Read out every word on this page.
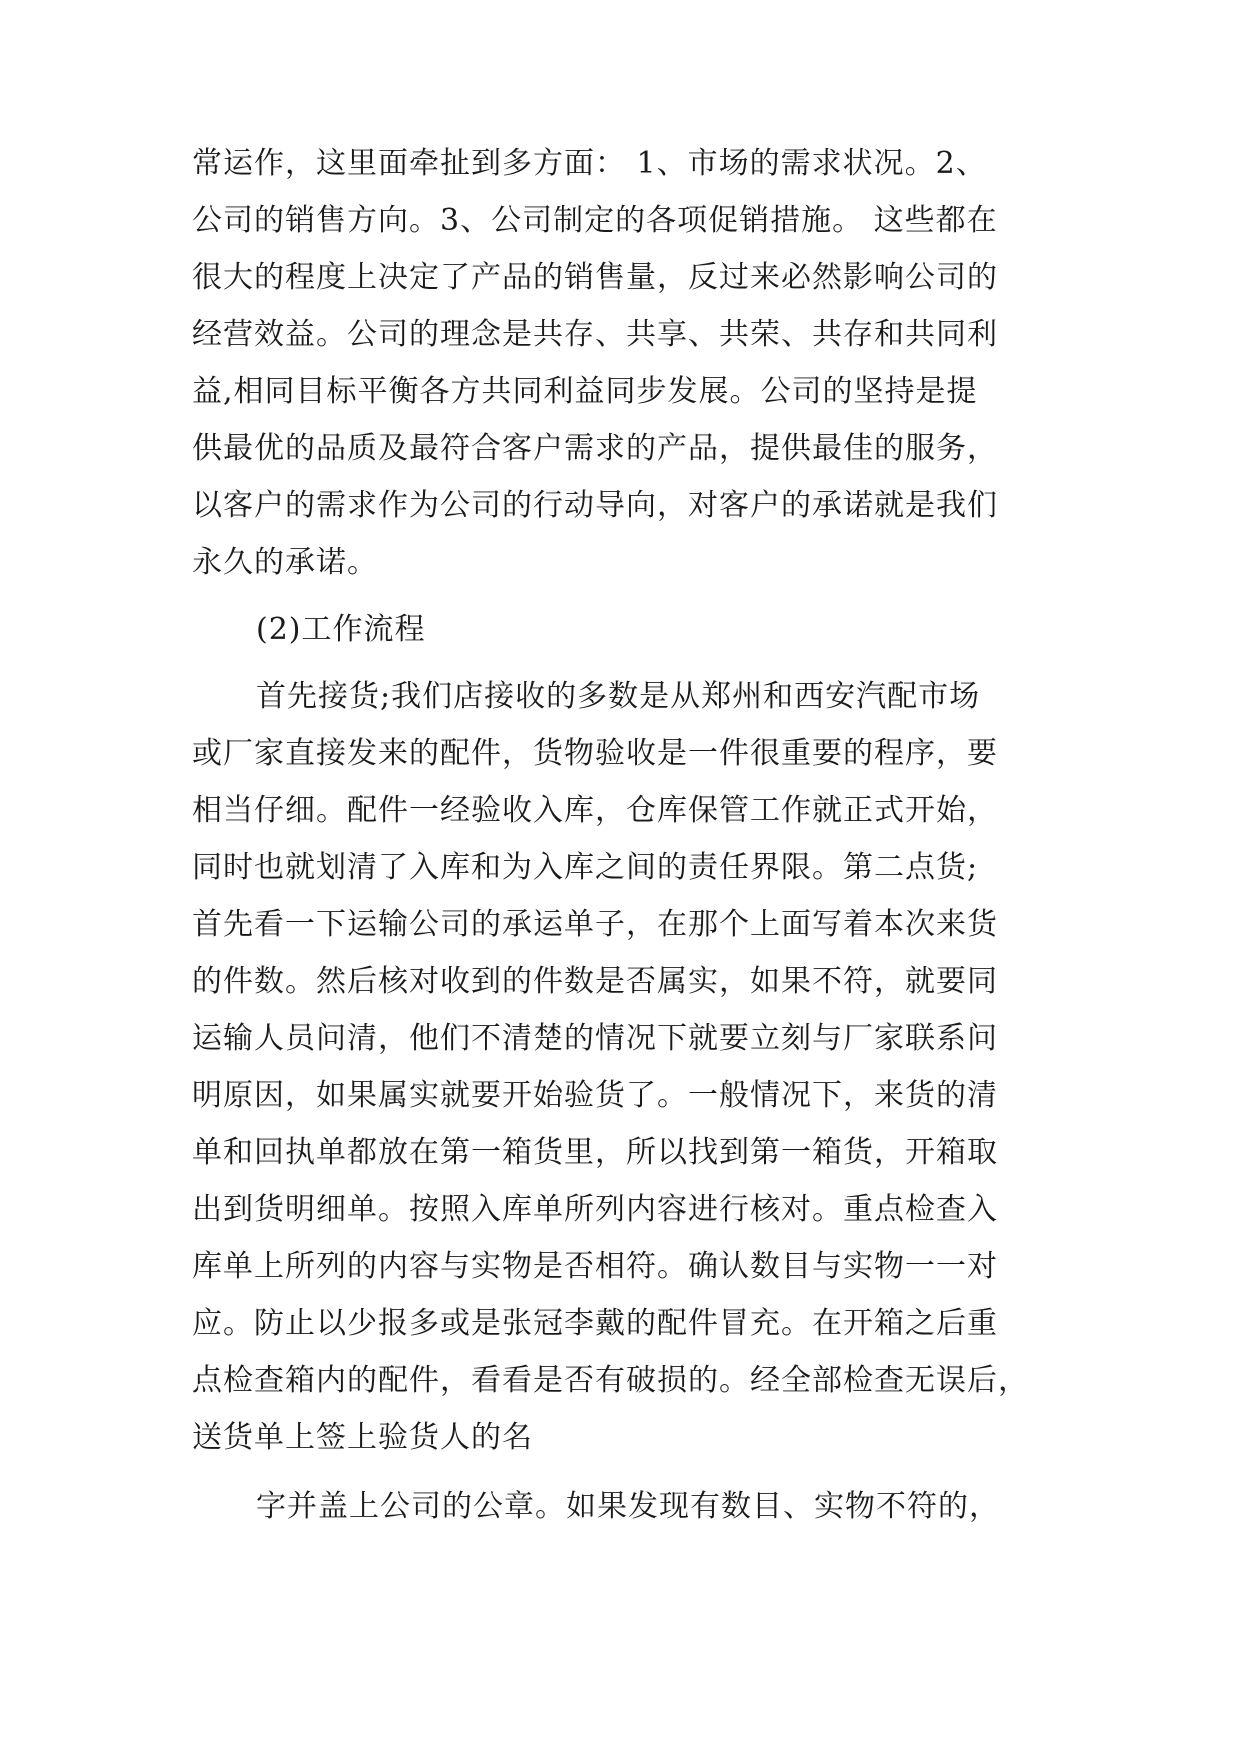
常运作，这里面牵扯到多方面： 1、市场的需求状况。2、
公司的销售方向。3、公司制定的各项促销措施。 这些都在
很大的程度上决定了产品的销售量，反过来必然影响公司的
经营效益。公司的理念是共存、共享、共荣、共存和共同利
益,相同目标平衡各方共同利益同步发展。公司的坚持是提
供最优的品质及最符合客户需求的产品，提供最佳的服务，
以客户的需求作为公司的行动导向，对客户的承诺就是我们
永久的承诺。
(2)工作流程
首先接货;我们店接收的多数是从郑州和西安汽配市场
或厂家直接发来的配件，货物验收是一件很重要的程序，要
相当仔细。配件一经验收入库，仓库保管工作就正式开始，
同时也就划清了入库和为入库之间的责任界限。第二点货;
首先看一下运输公司的承运单子，在那个上面写着本次来货
的件数。然后核对收到的件数是否属实，如果不符，就要同
运输人员问清，他们不清楚的情况下就要立刻与厂家联系问
明原因，如果属实就要开始验货了。一般情况下，来货的清
单和回执单都放在第一箱货里，所以找到第一箱货，开箱取
出到货明细单。按照入库单所列内容进行核对。重点检查入
库单上所列的内容与实物是否相符。确认数目与实物一一对
应。防止以少报多或是张冠李戴的配件冒充。在开箱之后重
点检查箱内的配件，看看是否有破损的。经全部检查无误后，
送货单上签上验货人的名
字并盖上公司的公章。如果发现有数目、实物不符的，
